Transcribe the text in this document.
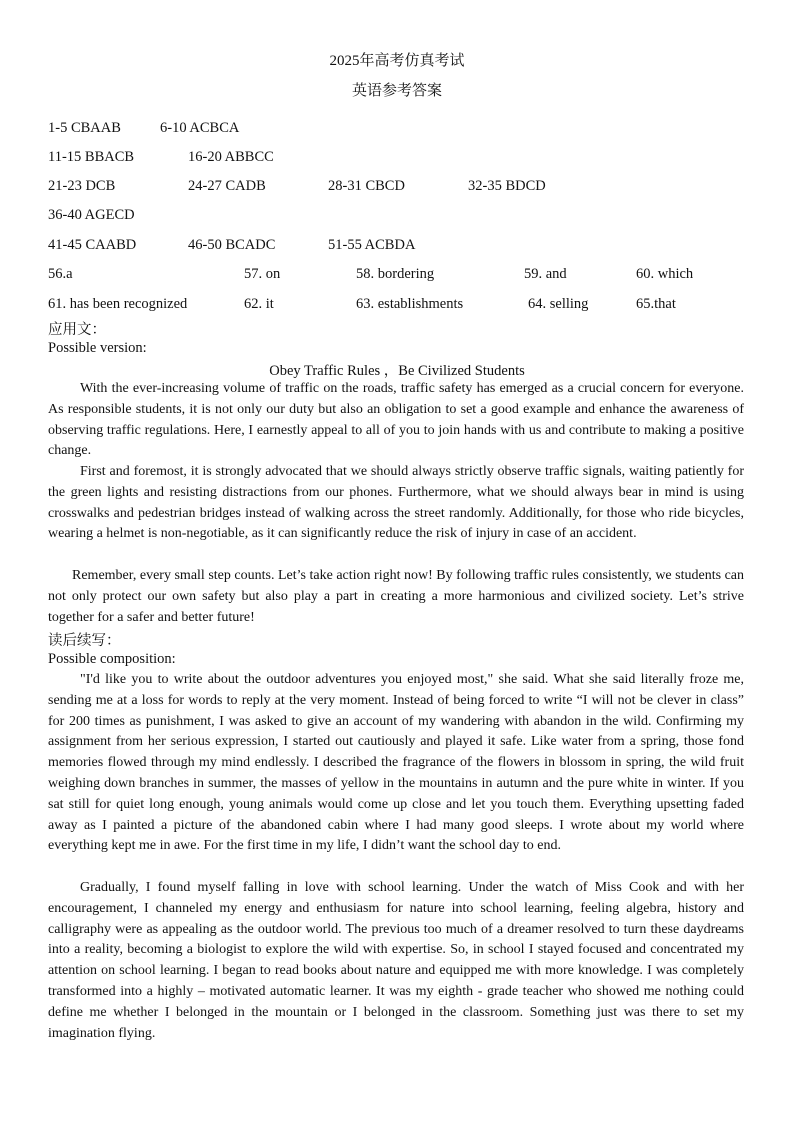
2025年高考仿真考试
英语参考答案
1-5 CBAAB	6-10 ACBCA
11-15 BBACB	16-20 ABBCC
21-23 DCB	24-27 CADB	28-31 CBCD	32-35 BDCD
36-40 AGECD
41-45 CAABD	46-50 BCADC	51-55 ACBDA
56.a	57. on	58. bordering	59. and	60. which
61. has been recognized	62. it	63. establishments	64. selling	65.that
应用文：
Possible version:
Obey Traffic Rules ，Be Civilized Students

With the ever-increasing volume of traffic on the roads, traffic safety has emerged as a crucial concern for everyone. As responsible students, it is not only our duty but also an obligation to set a good example and enhance the awareness of observing traffic regulations. Here, I earnestly appeal to all of you to join hands with us and contribute to making a positive change.

First and foremost, it is strongly advocated that we should always strictly observe traffic signals, waiting patiently for the green lights and resisting distractions from our phones. Furthermore, what we should always bear in mind is using crosswalks and pedestrian bridges instead of walking across the street randomly. Additionally, for those who ride bicycles, wearing a helmet is non-negotiable, as it can significantly reduce the risk of injury in case of an accident.

Remember, every small step counts. Let’s take action right now! By following traffic rules consistently, we students can not only protect our own safety but also play a part in creating a more harmonious and civilized society. Let’s strive together for a safer and better future!

读后续写：
Possible composition:

"I'd like you to write about the outdoor adventures you enjoyed most," she said. What she said literally froze me, sending me at a loss for words to reply at the very moment. Instead of being forced to write “I will not be clever in class” for 200 times as punishment, I was asked to give an account of my wandering with abandon in the wild. Confirming my assignment from her serious expression, I started out cautiously and played it safe. Like water from a spring, those fond memories flowed through my mind endlessly. I described the fragrance of the flowers in blossom in spring, the wild fruit weighing down branches in summer, the masses of yellow in the mountains in autumn and the pure white in winter. If you sat still for quiet long enough, young animals would come up close and let you touch them. Everything upsetting faded away as I painted a picture of the abandoned cabin where I had many good sleeps. I wrote about my world where everything kept me in awe. For the first time in my life, I didn’t want the school day to end.

Gradually, I found myself falling in love with school learning. Under the watch of Miss Cook and with her encouragement, I channeled my energy and enthusiasm for nature into school learning, feeling algebra, history and calligraphy were as appealing as the outdoor world. The previous too much of a dreamer resolved to turn these daydreams into a reality, becoming a biologist to explore the wild with expertise. So, in school I stayed focused and concentrated my attention on school learning. I began to read books about nature and equipped me with more knowledge. I was completely transformed into a highly – motivated automatic learner. It was my eighth - grade teacher who showed me nothing could define me whether I belonged in the mountain or I belonged in the classroom. Something just was there to set my imagination flying.
